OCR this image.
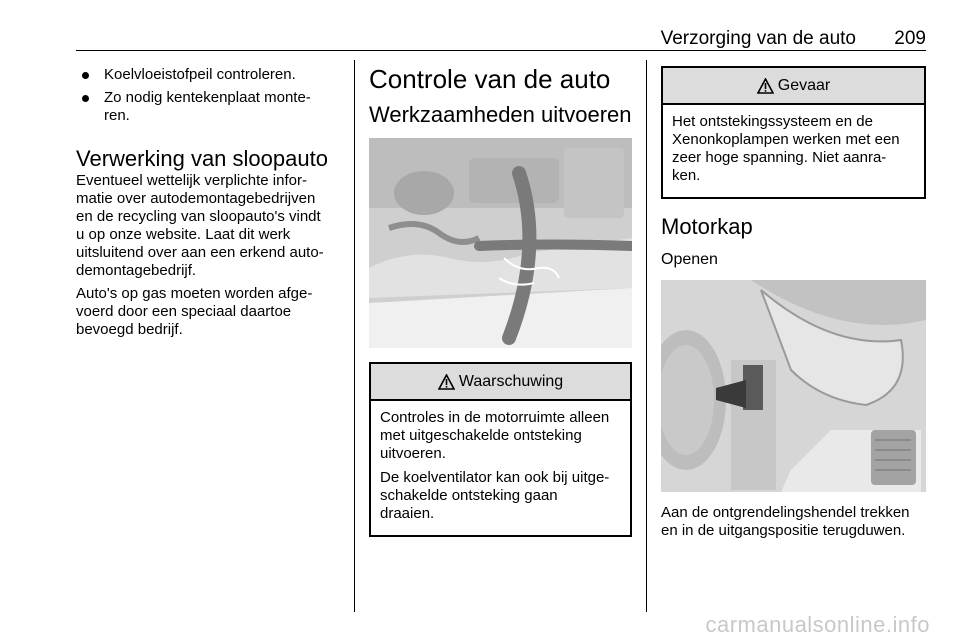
Verzorging van de auto 209
Koelvloeistofpeil controleren.
Zo nodig kentekenplaat monte-
ren.
Verwerking van sloopauto

Eventueel wettelijk verplichte infor-
matie over autodemontagebedrijven
en de recycling van sloopauto's vindt
u op onze website. Laat dit werk
uitsluitend over aan een erkend auto-
demontagebedrijf.

Auto's op gas moeten worden afge-
voerd door een speciaal daartoe
bevoegd bedrijf.

Controle van de auto
Werkzaamheden uitvoeren
Waarschuwing

Controles in de motorruimte alleen
met uitgeschakelde ontsteking
uitvoeren.

De koelventilator kan ook bij uitge-
schakelde ontsteking gaan
draaien.

Gevaar

Het ontstekingssysteem en de
Xenonkoplampen werken met een
zeer hoge spanning. Niet aanra-
ken.

Motorkap
Openen

Aan de ontgrendelingshendel trekken
en in de uitgangspositie terugduwen.

carmanualsonline.info
